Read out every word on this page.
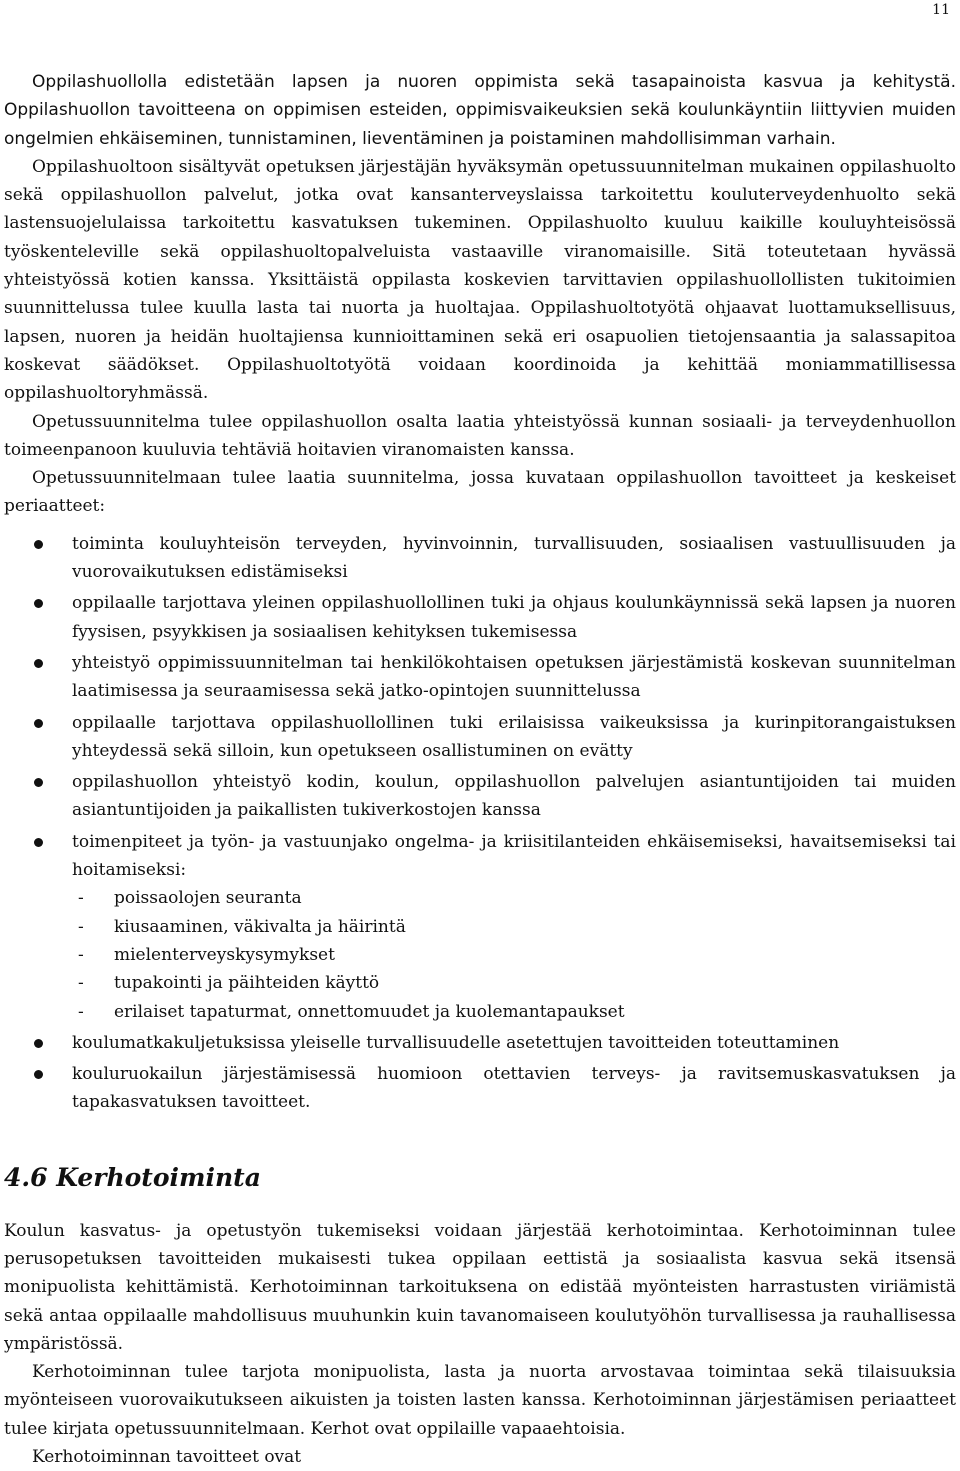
11

Oppilashuollolla edistetään lapsen ja nuoren oppimista sekä tasapainoista kasvua ja kehitystä. Oppilashuollon tavoitteena on oppimisen esteiden, oppimisvaikeuksien sekä koulunkäyntiin liittyvien muiden ongelmien ehkäiseminen, tunnistaminen, lieventäminen ja poistaminen mahdollisimman varhain.

Oppilashuoltoon sisältyvät opetuksen järjestäjän hyväksymän opetussuunnitelman mukainen oppilashuolto sekä oppilashuollon palvelut, jotka ovat kansanterveyslaissa tarkoitettu kouluterveydenhuolto sekä lastensuojelulaissa tarkoitettu kasvatuksen tukeminen. Oppilashuolto kuuluu kaikille kouluyhteisössä työskenteleville sekä oppilashuoltopalveluista vastaaville viranomaisille. Sitä toteutetaan hyvässä yhteistyössä kotien kanssa. Yksittäistä oppilasta koskevien tarvittavien oppilashuollollisten tukitoimien suunnittelussa tulee kuulla lasta tai nuorta ja huoltajaa. Oppilashuoltotyötä ohjaavat luottamuksellisuus, lapsen, nuoren ja heidän huoltajiensa kunnioittaminen sekä eri osapuolien tietojensaantia ja salassapitoa koskevat säädökset. Oppilashuoltotyötä voidaan koordinoida ja kehittää moniammatillisessa oppilashuoltoryhmässä.

Opetussuunnitelma tulee oppilashuollon osalta laatia yhteistyössä kunnan sosiaali- ja terveydenhuollon toimeenpanoon kuuluvia tehtäviä hoitavien viranomaisten kanssa.

Opetussuunnitelmaan tulee laatia suunnitelma, jossa kuvataan oppilashuollon tavoitteet ja keskeiset periaatteet:

toiminta kouluyhteisön terveyden, hyvinvoinnin, turvallisuuden, sosiaalisen vastuullisuuden ja vuorovaikutuksen edistämiseksi
oppilaalle tarjottava yleinen oppilashuollollinen tuki ja ohjaus koulunkäynnissä sekä lapsen ja nuoren fyysisen, psyykkisen ja sosiaalisen kehityksen tukemisessa
yhteistyö oppimissuunnitelman tai henkilökohtaisen opetuksen järjestämistä koskevan suunnitelman laatimisessa ja seuraamisessa sekä jatko-opintojen suunnittelussa
oppilaalle tarjottava oppilashuollollinen tuki erilaisissa vaikeuksissa ja kurinpitorangaistuksen yhteydessä sekä silloin, kun opetukseen osallistuminen on evätty
oppilashuollon yhteistyö kodin, koulun, oppilashuollon palvelujen asiantuntijoiden tai muiden asiantuntijoiden ja paikallisten tukiverkostojen kanssa
toimenpiteet ja työn- ja vastuunjako ongelma- ja kriisitilanteiden ehkäisemiseksi, havaitsemiseksi tai hoitamiseksi:
- poissaolojen seuranta
- kiusaaminen, väkivalta ja häirintä
- mielenterveyskysymykset
- tupakointi ja päihteiden käyttö
- erilaiset tapaturmat, onnettomuudet ja kuolemantapaukset
koulumatkakuljetuksissa yleiselle turvallisuudelle asetettujen tavoitteiden toteuttaminen
kouluruokailun järjestämisessä huomioon otettavien terveys- ja ravitsemuskasvatuksen ja tapakasvatuksen tavoitteet.
4.6 Kerhotoiminta

Koulun kasvatus- ja opetustyön tukemiseksi voidaan järjestää kerhotoimintaa. Kerhotoiminnan tulee perusopetuksen tavoitteiden mukaisesti tukea oppilaan eettistä ja sosiaalista kasvua sekä itsensä monipuolista kehittämistä. Kerhotoiminnan tarkoituksena on edistää myönteisten harrastusten viriämistä sekä antaa oppilaalle mahdollisuus muuhunkin kuin tavanomaiseen koulutyöhön turvallisessa ja rauhallisessa ympäristössä.

Kerhotoiminnan tulee tarjota monipuolista, lasta ja nuorta arvostavaa toimintaa sekä tilaisuuksia myönteiseen vuorovaikutukseen aikuisten ja toisten lasten kanssa. Kerhotoiminnan järjestämisen periaatteet tulee kirjata opetussuunnitelmaan. Kerhot ovat oppilaille vapaaehtoisia.

Kerhotoiminnan tavoitteet ovat
